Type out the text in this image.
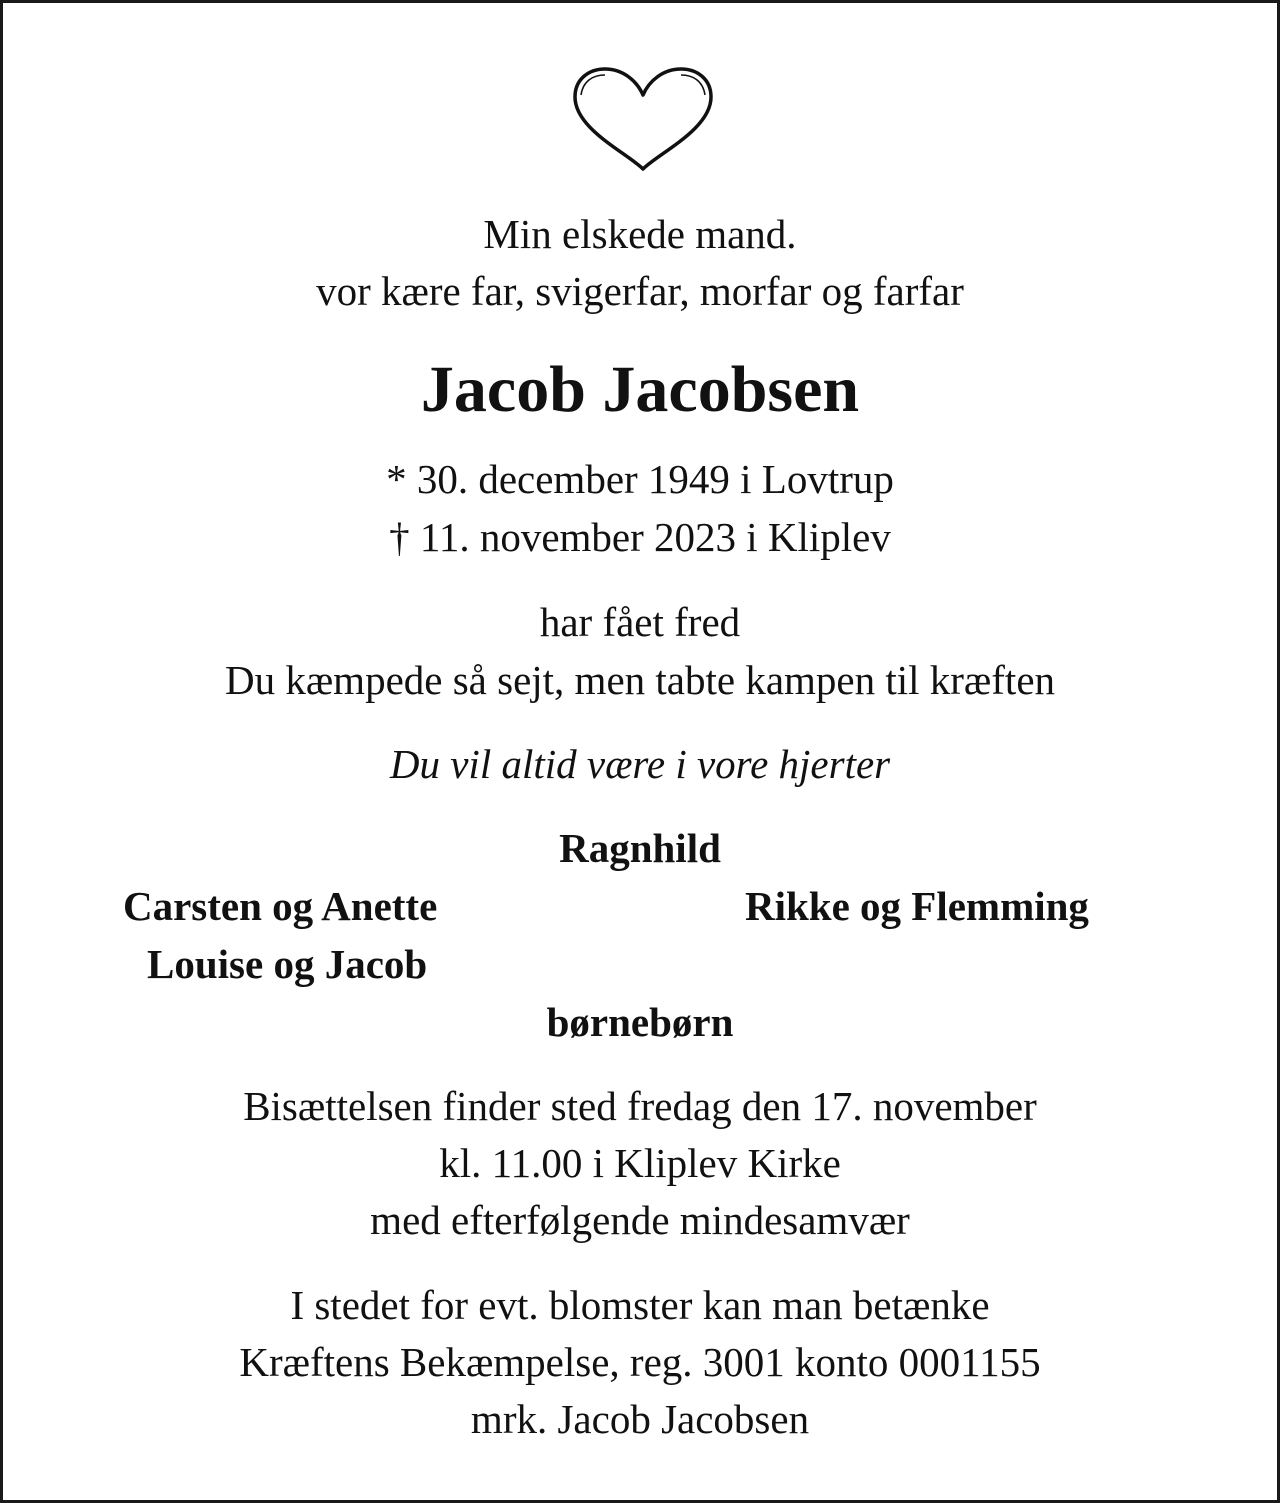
Min elskede mand.
vor kære far, svigerfar, morfar og farfar
Jacob Jacobsen
* 30. december 1949 i Lovtrup
† 11. november 2023 i Kliplev
har fået fred
Du kæmpede så sejt, men tabte kampen til kræften
Du vil altid være i vore hjerter
Ragnhild
Carsten og Anette	Rikke og Flemming
Louise og Jacob
børnebørn
Bisættelsen finder sted fredag den 17. november
kl. 11.00 i Kliplev Kirke
med efterfølgende mindesamvær
I stedet for evt. blomster kan man betænke
Kræftens Bekæmpelse, reg. 3001 konto 0001155
mrk. Jacob Jacobsen
